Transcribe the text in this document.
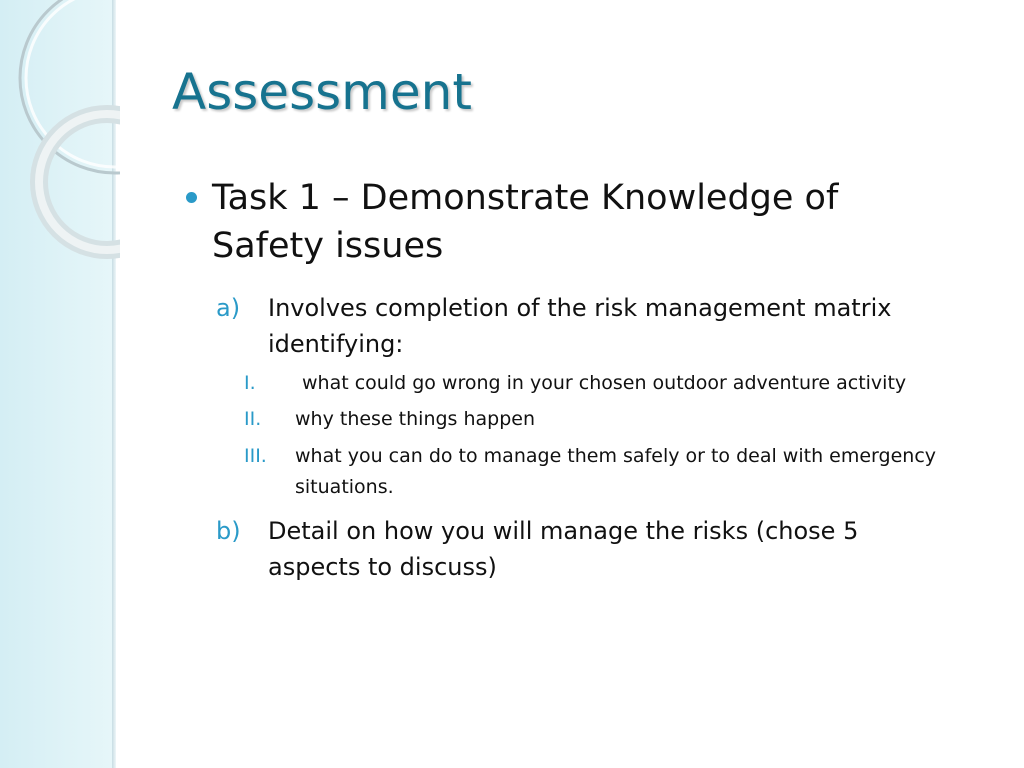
Assessment
Task 1 – Demonstrate Knowledge of Safety issues
a) Involves completion of the risk management matrix identifying:
I. what could go wrong in your chosen outdoor adventure activity
II. why these things happen
III. what you can do to manage them safely or to deal with emergency situations.
b) Detail on how you will manage the risks (chose 5 aspects to discuss)
